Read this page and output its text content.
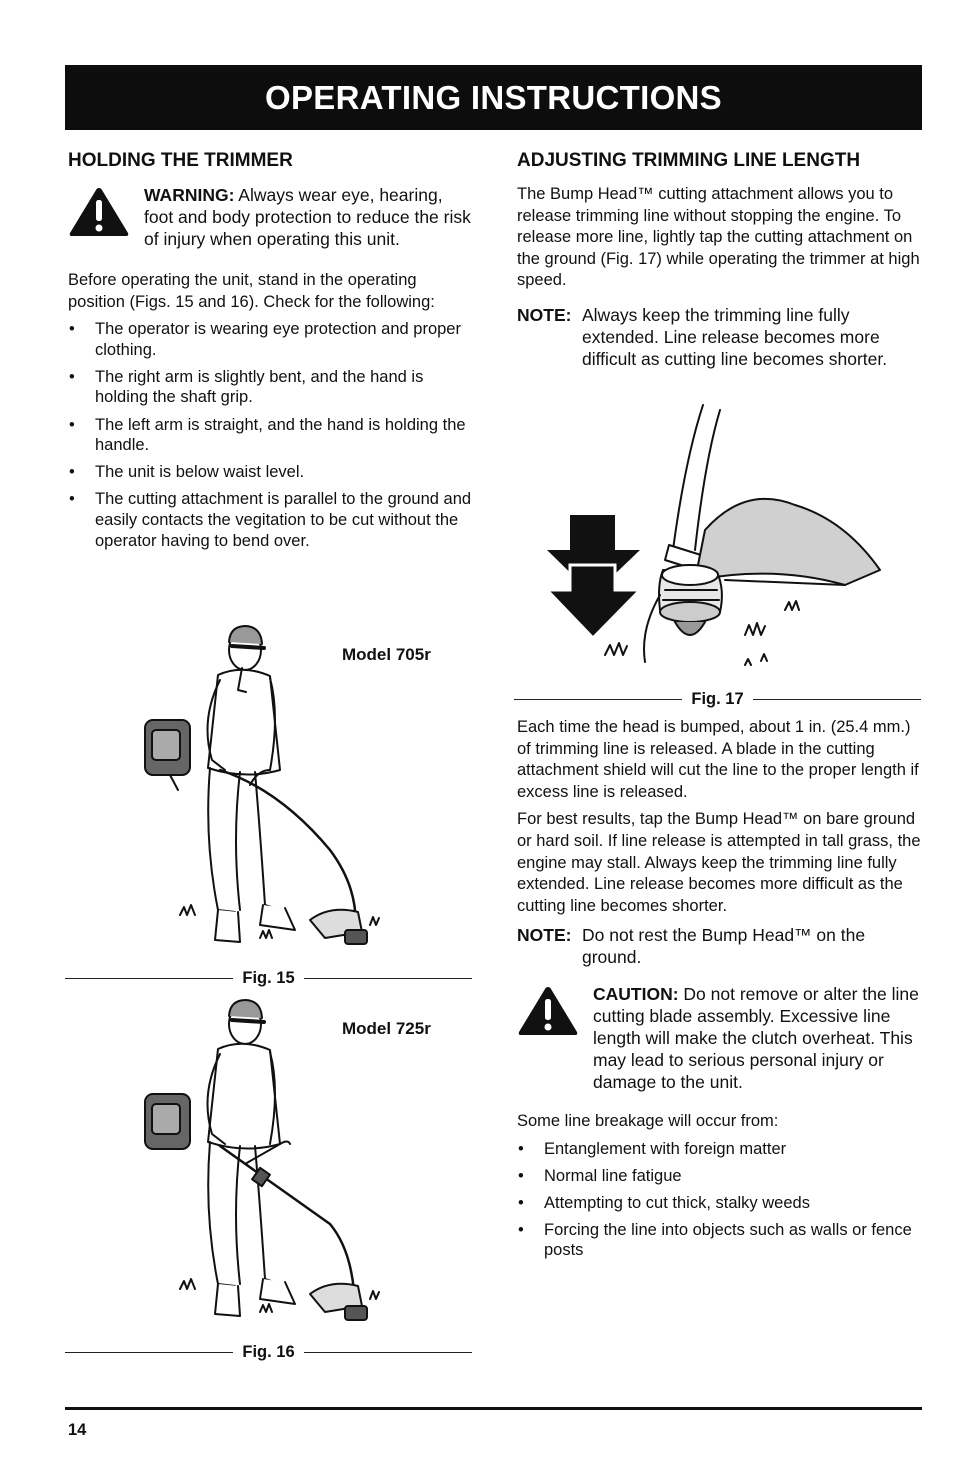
OPERATING INSTRUCTIONS
HOLDING THE TRIMMER
WARNING: Always wear eye, hearing, foot and body protection to reduce the risk of injury when operating this unit.

Before operating the unit, stand in the operating position (Figs. 15 and 16). Check for the following:

• The operator is wearing eye protection and proper clothing.
• The right arm is slightly bent, and the hand is holding the shaft grip.
• The left arm is straight, and the hand is holding the handle.
• The unit is below waist level.
• The cutting attachment is parallel to the ground and easily contacts the vegitation to be cut without the operator having to bend over.
Model 705r
Fig. 15
Model 725r
Fig. 16
ADJUSTING TRIMMING LINE LENGTH

The Bump Head™ cutting attachment allows you to release trimming line without stopping the engine. To release more line, lightly tap the cutting attachment on the ground (Fig. 17) while operating the trimmer at high speed.

NOTE: Always keep the trimming line fully extended. Line release becomes more difficult as cutting line becomes shorter.
Fig. 17

Each time the head is bumped, about 1 in. (25.4 mm.) of trimming line is released. A blade in the cutting attachment shield will cut the line to the proper length if excess line is released.

For best results, tap the Bump Head™ on bare ground or hard soil. If line release is attempted in tall grass, the engine may stall. Always keep the trimming line fully extended. Line release becomes more difficult as the cutting line becomes shorter.

NOTE: Do not rest the Bump Head™ on the ground.
CAUTION: Do not remove or alter the line cutting blade assembly. Excessive line length will make the clutch overheat. This may lead to serious personal injury or damage to the unit.

Some line breakage will occur from:

• Entanglement with foreign matter
• Normal line fatigue
• Attempting to cut thick, stalky weeds
• Forcing the line into objects such as walls or fence posts
14
